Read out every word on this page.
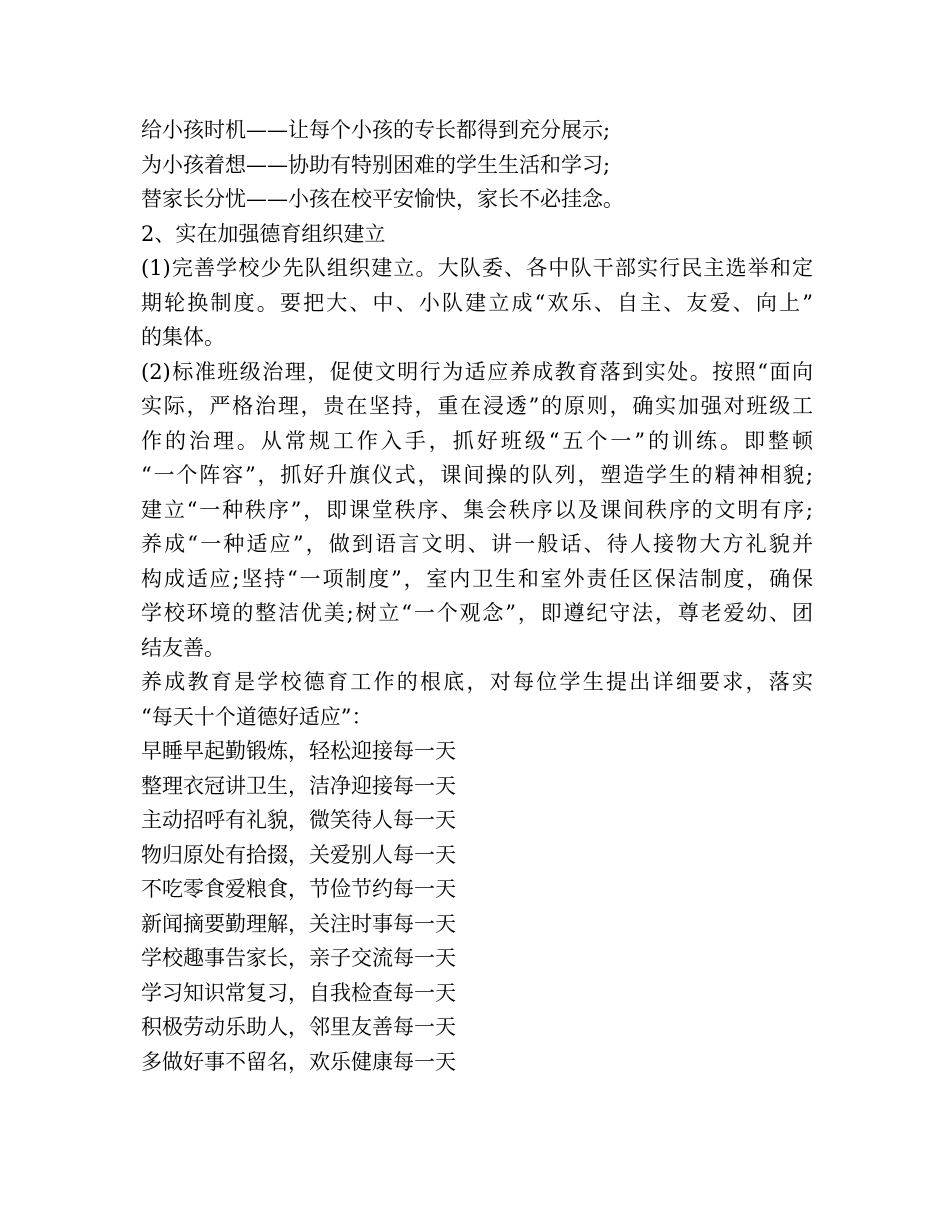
给小孩时机——让每个小孩的专长都得到充分展示;
为小孩着想——协助有特别困难的学生生活和学习;
替家长分忧——小孩在校平安愉快，家长不必挂念。
2、实在加强德育组织建立
(1)完善学校少先队组织建立。大队委、各中队干部实行民主选举和定
期轮换制度。要把大、中、小队建立成“欢乐、自主、友爱、向上”
的集体。
(2)标准班级治理，促使文明行为适应养成教育落到实处。按照“面向
实际，严格治理，贵在坚持，重在浸透”的原则，确实加强对班级工
作的治理。从常规工作入手，抓好班级“五个一”的训练。即整顿
“一个阵容”，抓好升旗仪式，课间操的队列，塑造学生的精神相貌;
建立“一种秩序”，即课堂秩序、集会秩序以及课间秩序的文明有序;
养成“一种适应”，做到语言文明、讲一般话、待人接物大方礼貌并
构成适应;坚持“一项制度”，室内卫生和室外责任区保洁制度，确保
学校环境的整洁优美;树立“一个观念”，即遵纪守法，尊老爱幼、团
结友善。
养成教育是学校德育工作的根底，对每位学生提出详细要求，落实
“每天十个道德好适应”：
早睡早起勤锻炼，轻松迎接每一天
整理衣冠讲卫生，洁净迎接每一天
主动招呼有礼貌，微笑待人每一天
物归原处有拾掇，关爱别人每一天
不吃零食爱粮食，节俭节约每一天
新闻摘要勤理解，关注时事每一天
学校趣事告家长，亲子交流每一天
学习知识常复习，自我检查每一天
积极劳动乐助人，邻里友善每一天
多做好事不留名，欢乐健康每一天
